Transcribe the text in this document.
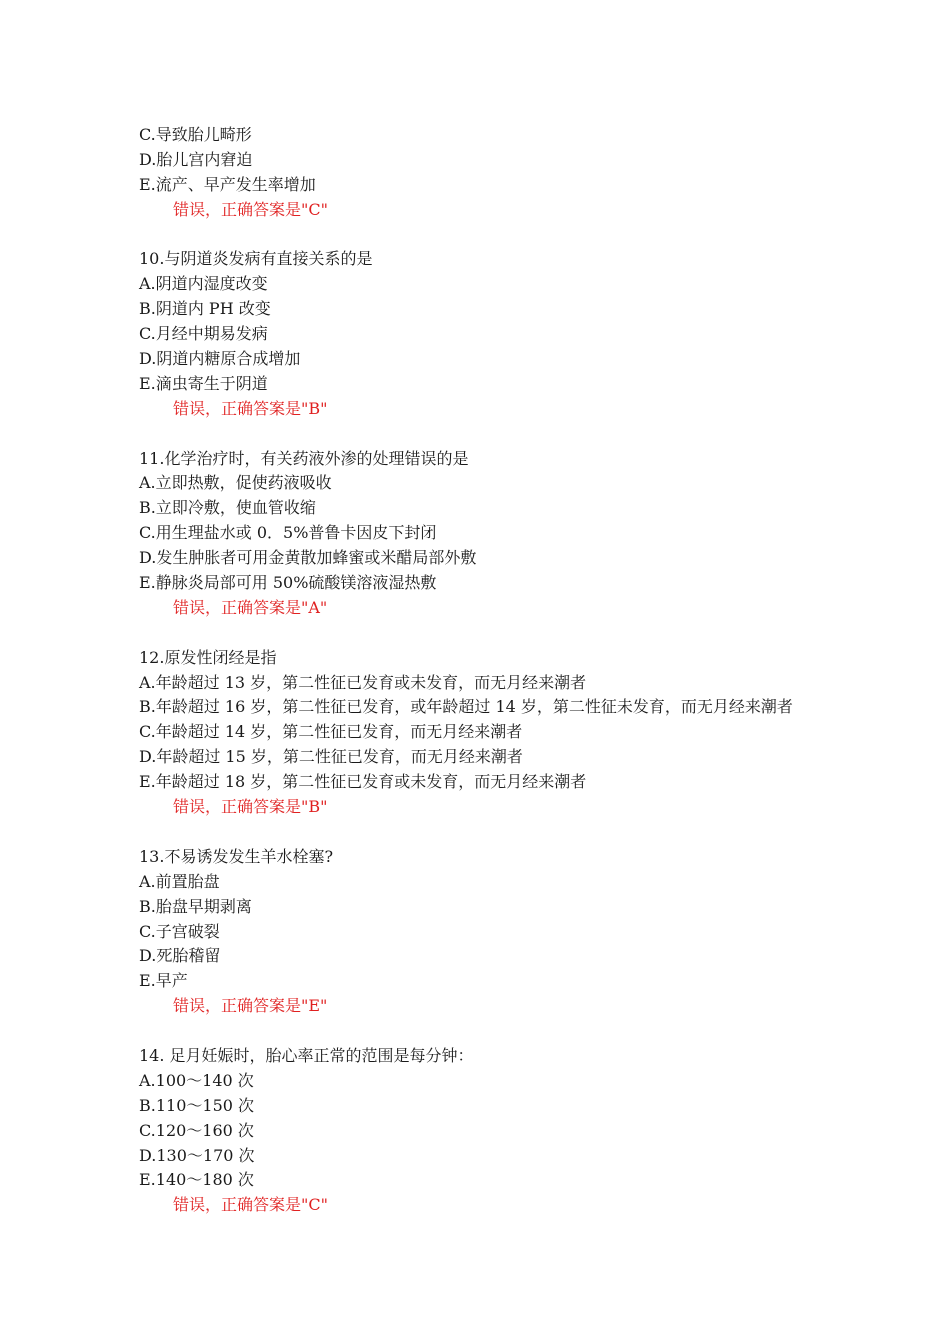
C.导致胎儿畸形
D.胎儿宫内窘迫
E.流产、早产发生率增加
错误，正确答案是"C"
10.与阴道炎发病有直接关系的是
A.阴道内湿度改变
B.阴道内 PH 改变
C.月经中期易发病
D.阴道内糖原合成增加
E.滴虫寄生于阴道
错误，正确答案是"B"
11.化学治疗时，有关药液外渗的处理错误的是
A.立即热敷，促使药液吸收
B.立即冷敷，使血管收缩
C.用生理盐水或 0．5%普鲁卡因皮下封闭
D.发生肿胀者可用金黄散加蜂蜜或米醋局部外敷
E.静脉炎局部可用 50%硫酸镁溶液湿热敷
错误，正确答案是"A"
12.原发性闭经是指
A.年龄超过 13 岁，第二性征已发育或未发育，而无月经来潮者
B.年龄超过 16 岁，第二性征已发育，或年龄超过 14 岁，第二性征未发育，而无月经来潮者
C.年龄超过 14 岁，第二性征已发育，而无月经来潮者
D.年龄超过 15 岁，第二性征已发育，而无月经来潮者
E.年龄超过 18 岁，第二性征已发育或未发育，而无月经来潮者
错误，正确答案是"B"
13.不易诱发发生羊水栓塞?
A.前置胎盘
B.胎盘早期剥离
C.子宫破裂
D.死胎稽留
E.早产
错误，正确答案是"E"
14. 足月妊娠时，胎心率正常的范围是每分钟：
A.100～140 次
B.110～150 次
C.120～160 次
D.130～170 次
E.140～180 次
错误，正确答案是"C"
